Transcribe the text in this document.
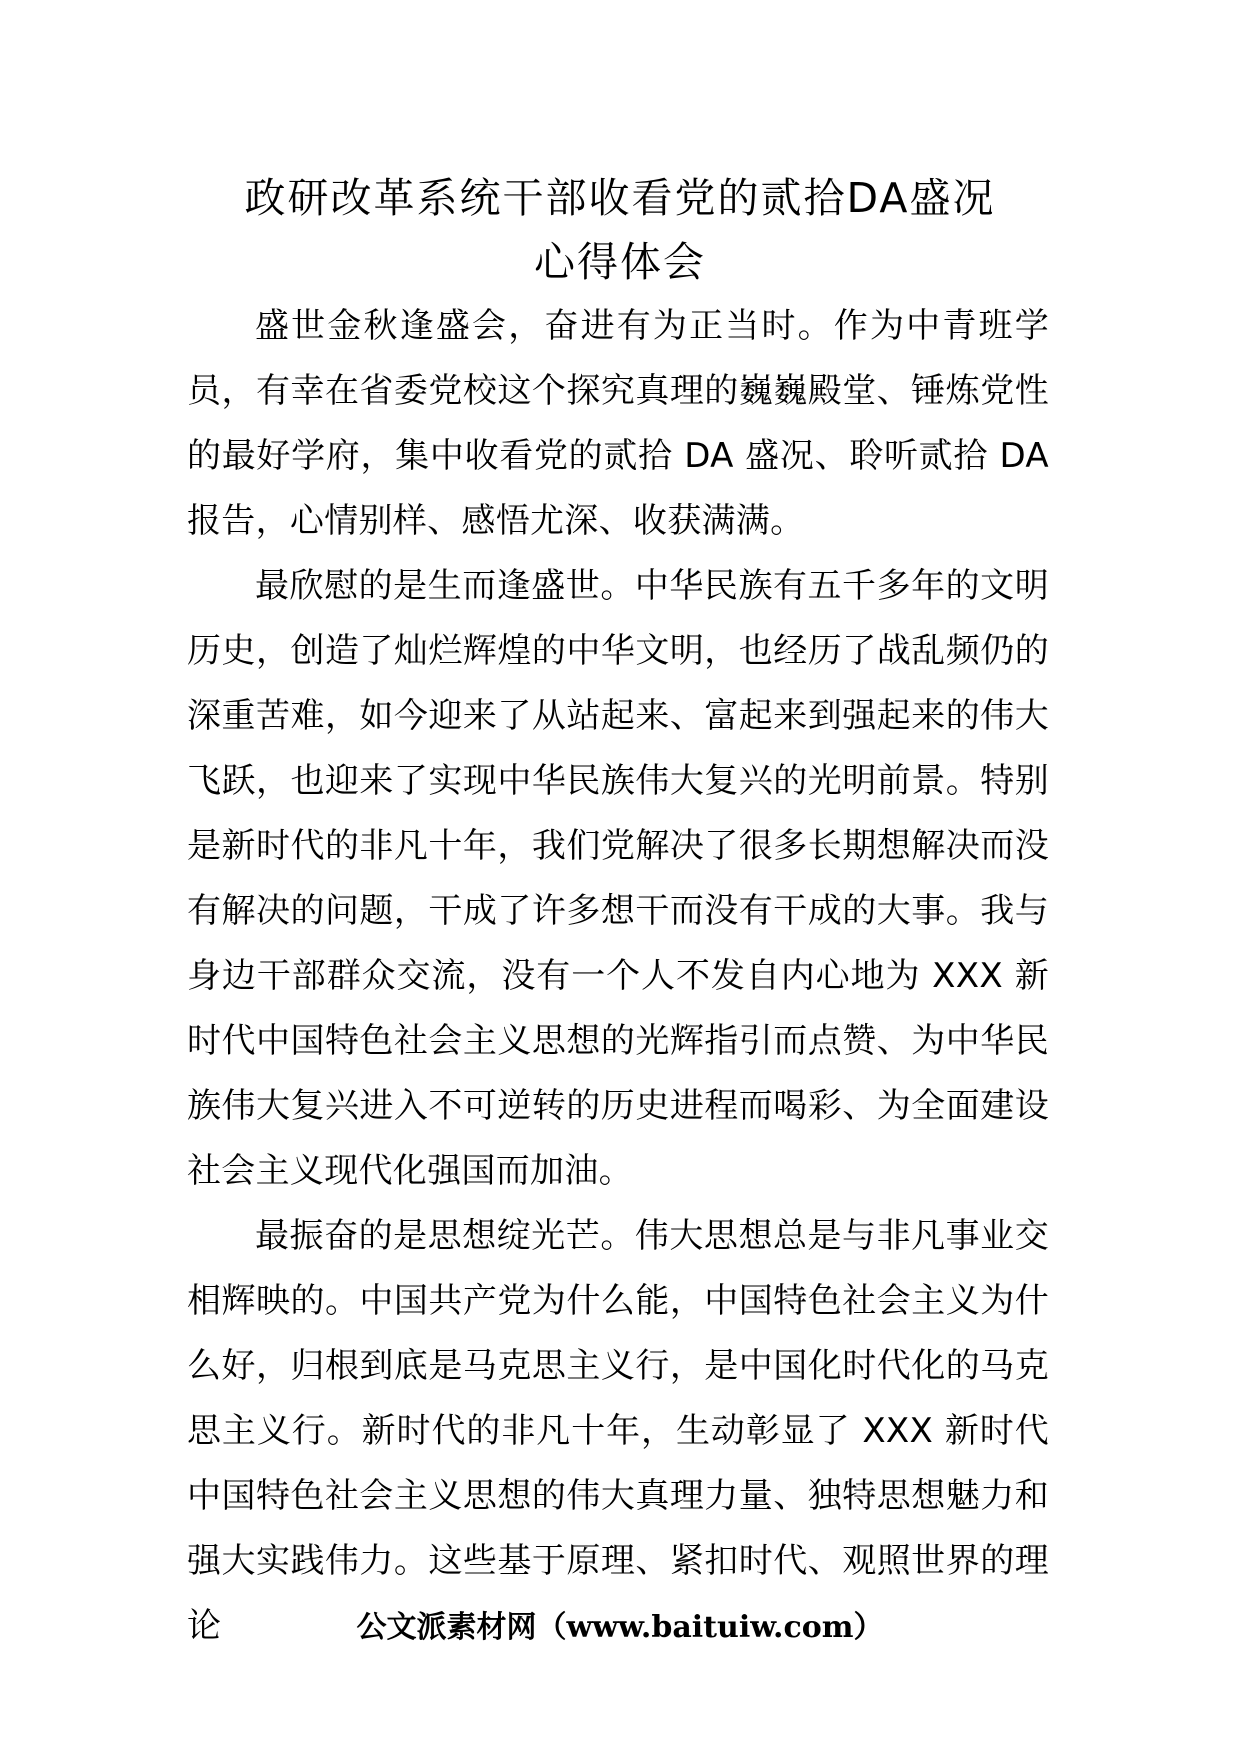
政研改革系统干部收看党的贰拾DA盛况
心得体会

盛世金秋逢盛会，奋进有为正当时。作为中青班学员，有幸在省委党校这个探究真理的巍巍殿堂、锤炼党性的最好学府，集中收看党的贰拾 DA 盛况、聆听贰拾 DA 报告，心情别样、感悟尤深、收获满满。

最欣慰的是生而逢盛世。中华民族有五千多年的文明历史，创造了灿烂辉煌的中华文明，也经历了战乱频仍的深重苦难，如今迎来了从站起来、富起来到强起来的伟大飞跃，也迎来了实现中华民族伟大复兴的光明前景。特别是新时代的非凡十年，我们党解决了很多长期想解决而没有解决的问题，干成了许多想干而没有干成的大事。我与身边干部群众交流，没有一个人不发自内心地为 XXX 新时代中国特色社会主义思想的光辉指引而点赞、为中华民族伟大复兴进入不可逆转的历史进程而喝彩、为全面建设社会主义现代化强国而加油。

最振奋的是思想绽光芒。伟大思想总是与非凡事业交相辉映的。中国共产党为什么能，中国特色社会主义为什么好，归根到底是马克思主义行，是中国化时代化的马克思主义行。新时代的非凡十年，生动彰显了 XXX 新时代中国特色社会主义思想的伟大真理力量、独特思想魅力和强大实践伟力。这些基于原理、紧扣时代、观照世界的理论	公文派素材网（www.baituiw.com）
